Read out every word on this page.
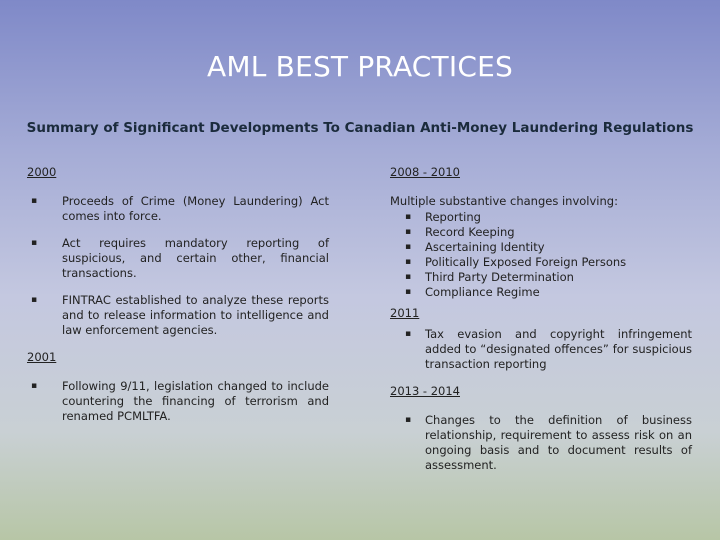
AML BEST PRACTICES
Summary of Significant Developments To Canadian Anti-Money Laundering Regulations
2000
▪ Proceeds of Crime (Money Laundering) Act comes into force.
▪ Act requires mandatory reporting of suspicious, and certain other, financial transactions.
▪ FINTRAC established to analyze these reports and to release information to intelligence and law enforcement agencies.
2001
▪ Following 9/11, legislation changed to include countering the financing of terrorism and renamed PCMLTFA.
2008 - 2010
Multiple substantive changes involving:
▪ Reporting
▪ Record Keeping
▪ Ascertaining Identity
▪ Politically Exposed Foreign Persons
▪ Third Party Determination
▪ Compliance Regime
2011
▪ Tax evasion and copyright infringement added to “designated offences” for suspicious transaction reporting
2013 - 2014
▪ Changes to the definition of business relationship, requirement to assess risk on an ongoing basis and to document results of assessment.
